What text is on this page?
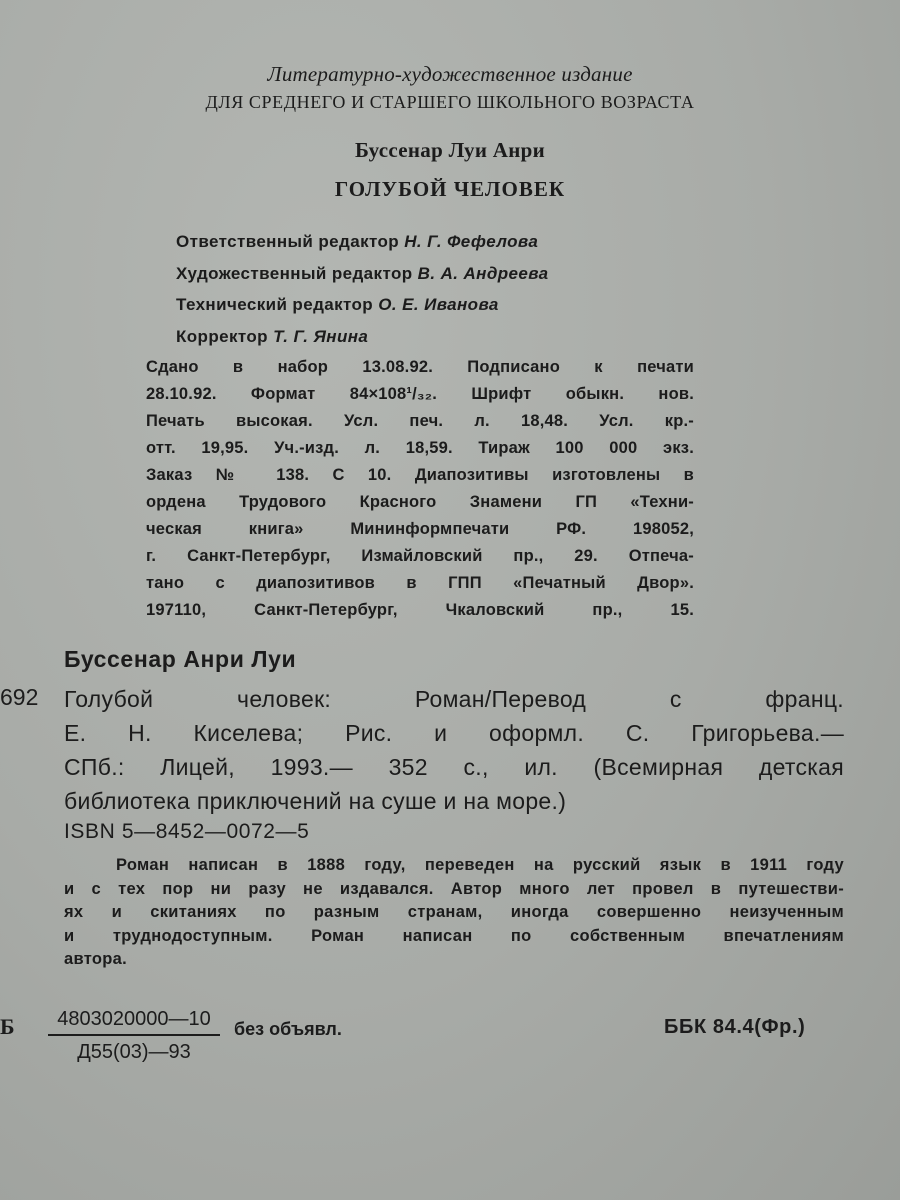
Литературно-художественное издание
ДЛЯ СРЕДНЕГО И СТАРШЕГО ШКОЛЬНОГО ВОЗРАСТА
Буссенар Луи Анри
ГОЛУБОЙ ЧЕЛОВЕК
Ответственный редактор Н. Г. Фефелова
Художественный редактор В. А. Андреева
Технический редактор О. Е. Иванова
Корректор Т. Г. Янина
Сдано в набор 13.08.92. Подписано к печати
28.10.92. Формат 84×108¹/₃₂. Шрифт обыкн. нов.
Печать высокая. Усл. печ. л. 18,48. Усл. кр.-
отт. 19,95. Уч.-изд. л. 18,59. Тираж 100 000 экз.
Заказ № 138. С 10. Диапозитивы изготовлены в
ордена Трудового Красного Знамени ГП «Техни-
ческая книга» Мининформпечати РФ. 198052,
г. Санкт-Петербург, Измайловский пр., 29. Отпеча-
тано с диапозитивов в ГПП «Печатный Двор».
197110, Санкт-Петербург, Чкаловский пр., 15.
Буссенар Анри Луи
692 Голубой человек: Роман/Перевод с франц.
Е. Н. Киселева; Рис. и оформл. С. Григорьева.—
СПб.: Лицей, 1993.— 352 с., ил. (Всемирная детская
библиотека приключений на суше и на море.)
ISBN 5—8452—0072—5
Роман написан в 1888 году, переведен на русский язык в 1911 году
и с тех пор ни разу не издавался. Автор много лет провел в путешестви-
ях и скитаниях по разным странам, иногда совершенно неизученным
и труднодоступным. Роман написан по собственным впечатлениям
автора.
Б	4803020000—10
Д55(03)—93
без объявл.	ББК 84.4(Фр.)
